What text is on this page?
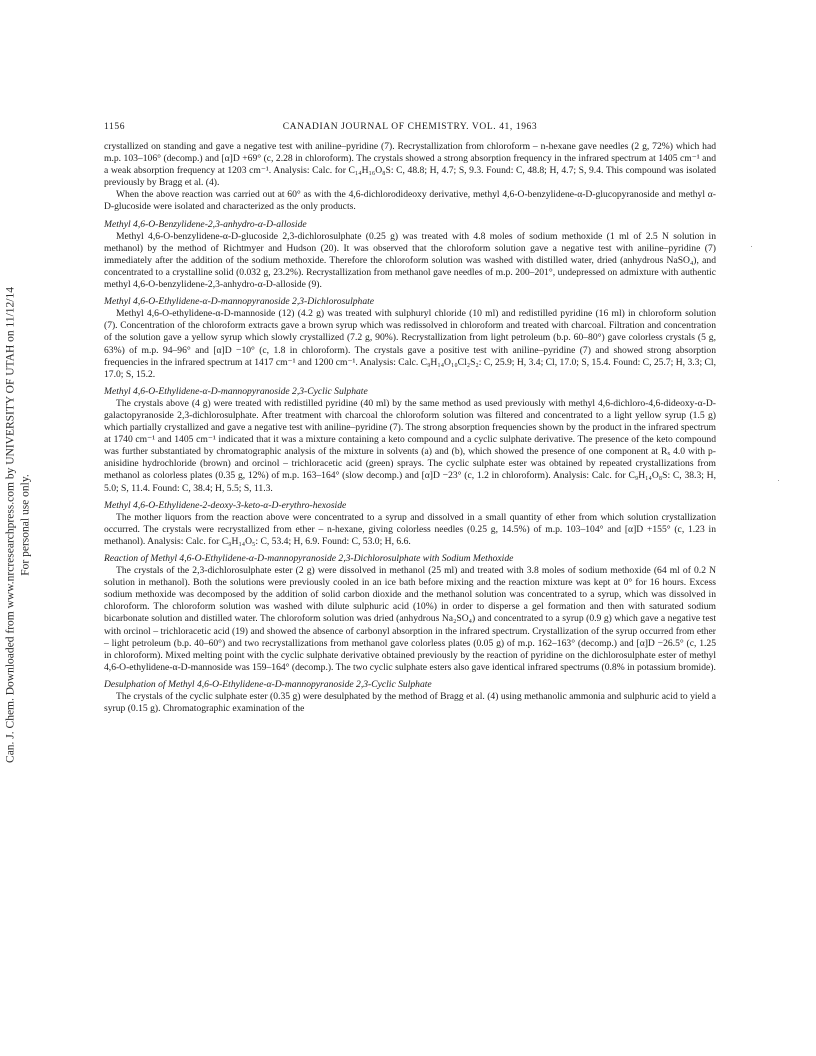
Can. J. Chem. Downloaded from www.nrcresearchpress.com by UNIVERSITY OF UTAH on 11/12/14 For personal use only.
1156	CANADIAN JOURNAL OF CHEMISTRY. VOL. 41, 1963

crystallized on standing and gave a negative test with aniline–pyridine (7). Recrystallization from chloroform – n-hexane gave needles (2 g, 72%) which had m.p. 103–106° (decomp.) and [α]D +69° (c, 2.28 in chloroform). The crystals showed a strong absorption frequency in the infrared spectrum at 1405 cm⁻¹ and a weak absorption frequency at 1203 cm⁻¹. Analysis: Calc. for C₁₄H₁₆O₈S: C, 48.8; H, 4.7; S, 9.3. Found: C, 48.8; H, 4.7; S, 9.4. This compound was isolated previously by Bragg et al. (4).

When the above reaction was carried out at 60° as with the 4,6-dichlorodideoxy derivative, methyl 4,6-O-benzylidene-α-D-glucopyranoside and methyl α-D-glucoside were isolated and characterized as the only products.

Methyl 4,6-O-Benzylidene-2,3-anhydro-α-D-alloside

Methyl 4,6-O-benzylidene-α-D-glucoside 2,3-dichlorosulphate (0.25 g) was treated with 4.8 moles of sodium methoxide (1 ml of 2.5 N solution in methanol) by the method of Richtmyer and Hudson (20). It was observed that the chloroform solution gave a negative test with aniline–pyridine (7) immediately after the addition of the sodium methoxide. Therefore the chloroform solution was washed with distilled water, dried (anhydrous NaSO₄), and concentrated to a crystalline solid (0.032 g, 23.2%). Recrystallization from methanol gave needles of m.p. 200–201°, undepressed on admixture with authentic methyl 4,6-O-benzylidene-2,3-anhydro-α-D-alloside (9).

Methyl 4,6-O-Ethylidene-α-D-mannopyranoside 2,3-Dichlorosulphate

Methyl 4,6-O-ethylidene-α-D-mannoside (12) (4.2 g) was treated with sulphuryl chloride (10 ml) and redistilled pyridine (16 ml) in chloroform solution (7). Concentration of the chloroform extracts gave a brown syrup which was redissolved in chloroform and treated with charcoal. Filtration and concentration of the solution gave a yellow syrup which slowly crystallized (7.2 g, 90%). Recrystallization from light petroleum (b.p. 60–80°) gave colorless crystals (5 g, 63%) of m.p. 94–96° and [α]D −10° (c, 1.8 in chloroform). The crystals gave a positive test with aniline–pyridine (7) and showed strong absorption frequencies in the infrared spectrum at 1417 cm⁻¹ and 1200 cm⁻¹. Analysis: Calc. C₉H₁₄O₁₀Cl₂S₂: C, 25.9; H, 3.4; Cl, 17.0; S, 15.4. Found: C, 25.7; H, 3.3; Cl, 17.0; S, 15.2.

Methyl 4,6-O-Ethylidene-α-D-mannopyranoside 2,3-Cyclic Sulphate

The crystals above (4 g) were treated with redistilled pyridine (40 ml) by the same method as used previously with methyl 4,6-dichloro-4,6-dideoxy-α-D-galactopyranoside 2,3-dichlorosulphate. After treatment with charcoal the chloroform solution was filtered and concentrated to a light yellow syrup (1.5 g) which partially crystallized and gave a negative test with aniline–pyridine (7). The strong absorption frequencies shown by the product in the infrared spectrum at 1740 cm⁻¹ and 1405 cm⁻¹ indicated that it was a mixture containing a keto compound and a cyclic sulphate derivative. The presence of the keto compound was further substantiated by chromatographic analysis of the mixture in solvents (a) and (b), which showed the presence of one component at Rₓ 4.0 with p-anisidine hydrochloride (brown) and orcinol – trichloracetic acid (green) sprays. The cyclic sulphate ester was obtained by repeated crystallizations from methanol as colorless plates (0.35 g, 12%) of m.p. 163–164° (slow decomp.) and [α]D −23° (c, 1.2 in chloroform). Analysis: Calc. for C₉H₁₄O₈S: C, 38.3; H, 5.0; S, 11.4. Found: C, 38.4; H, 5.5; S, 11.3.

Methyl 4,6-O-Ethylidene-2-deoxy-3-keto-α-D-erythro-hexoside

The mother liquors from the reaction above were concentrated to a syrup and dissolved in a small quantity of ether from which solution crystallization occurred. The crystals were recrystallized from ether – n-hexane, giving colorless needles (0.25 g, 14.5%) of m.p. 103–104° and [α]D +155° (c, 1.23 in methanol). Analysis: Calc. for C₉H₁₄O₅: C, 53.4; H, 6.9. Found: C, 53.0; H, 6.6.

Reaction of Methyl 4,6-O-Ethylidene-α-D-mannopyranoside 2,3-Dichlorosulphate with Sodium Methoxide

The crystals of the 2,3-dichlorosulphate ester (2 g) were dissolved in methanol (25 ml) and treated with 3.8 moles of sodium methoxide (64 ml of 0.2 N solution in methanol). Both the solutions were previously cooled in an ice bath before mixing and the reaction mixture was kept at 0° for 16 hours. Excess sodium methoxide was decomposed by the addition of solid carbon dioxide and the methanol solution was concentrated to a syrup, which was dissolved in chloroform. The chloroform solution was washed with dilute sulphuric acid (10%) in order to disperse a gel formation and then with saturated sodium bicarbonate solution and distilled water. The chloroform solution was dried (anhydrous Na₂SO₄) and concentrated to a syrup (0.9 g) which gave a negative test with orcinol – trichloracetic acid (19) and showed the absence of carbonyl absorption in the infrared spectrum. Crystallization of the syrup occurred from ether – light petroleum (b.p. 40–60°) and two recrystallizations from methanol gave colorless plates (0.05 g) of m.p. 162–163° (decomp.) and [α]D −26.5° (c, 1.25 in chloroform). Mixed melting point with the cyclic sulphate derivative obtained previously by the reaction of pyridine on the dichlorosulphate ester of methyl 4,6-O-ethylidene-α-D-mannoside was 159–164° (decomp.). The two cyclic sulphate esters also gave identical infrared spectrums (0.8% in potassium bromide).

Desulphation of Methyl 4,6-O-Ethylidene-α-D-mannopyranoside 2,3-Cyclic Sulphate

The crystals of the cyclic sulphate ester (0.35 g) were desulphated by the method of Bragg et al. (4) using methanolic ammonia and sulphuric acid to yield a syrup (0.15 g). Chromatographic examination of the
